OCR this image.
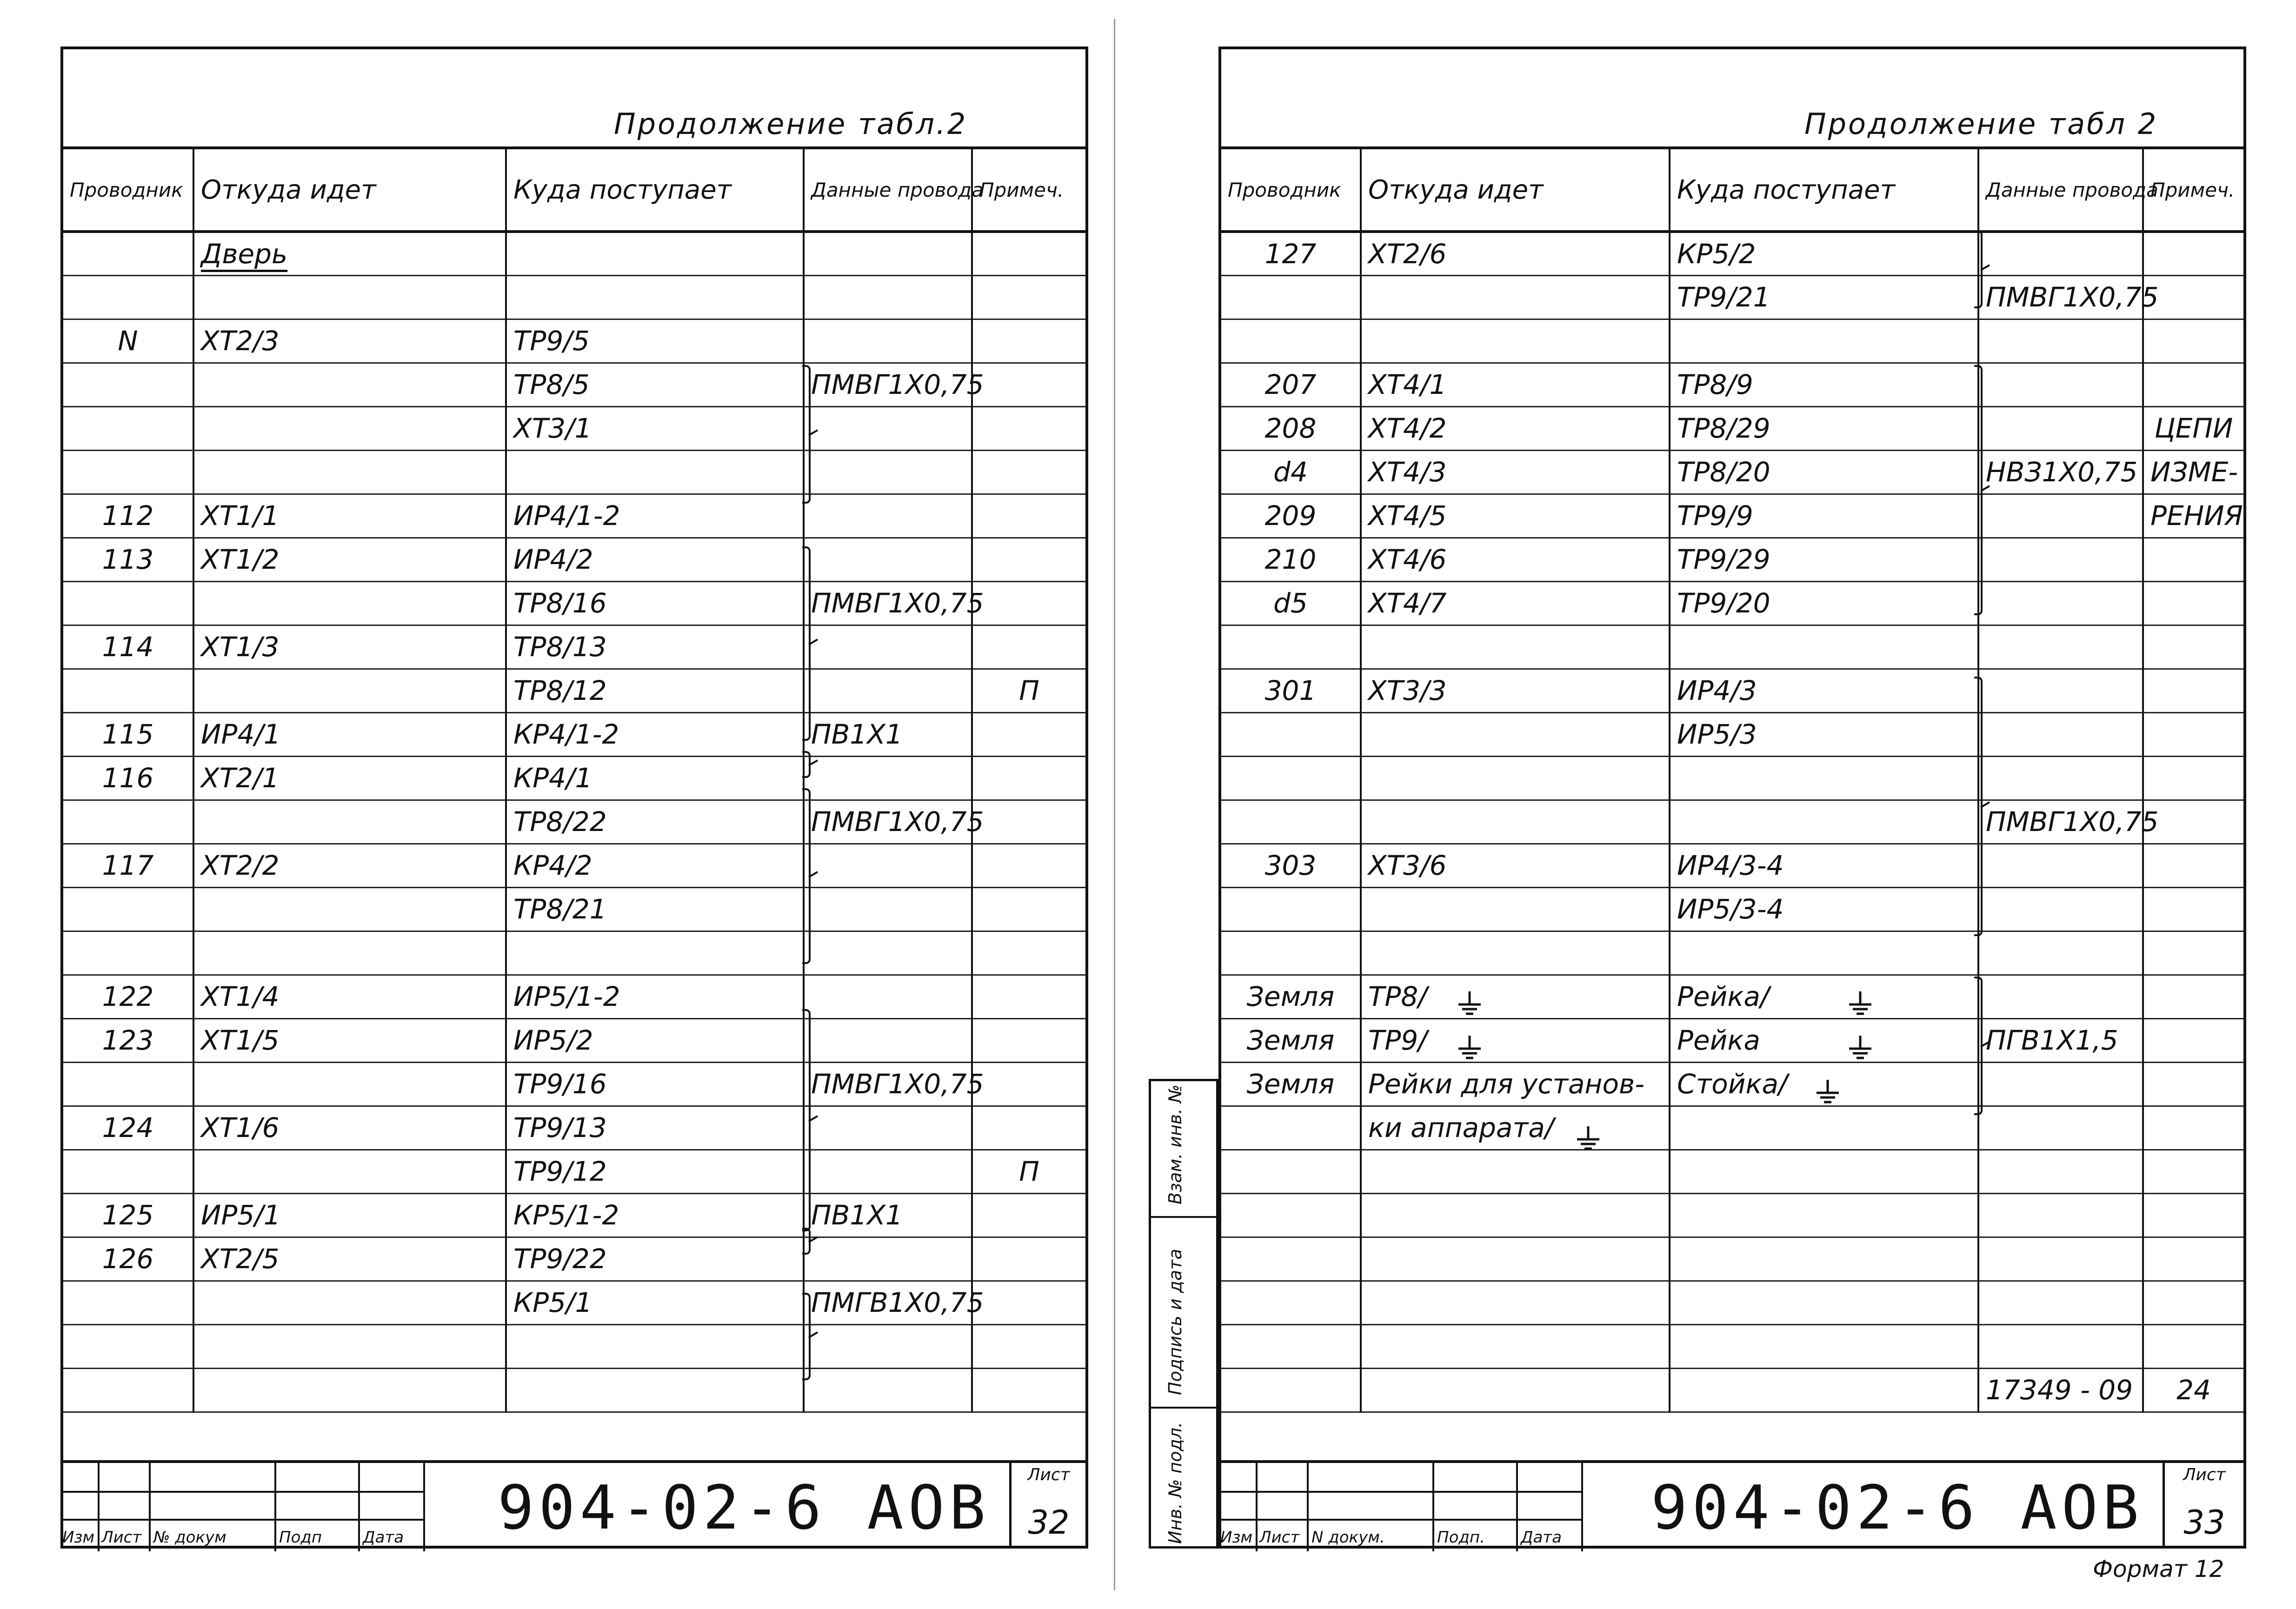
Продолжение табл.2
Проводник	Откуда идет	Куда поступает	Данные провода	Примеч.
	Дверь			

N	ХТ2/3	ТР9/5		
		ТР8/5	ПМВГ1Х0,75	
		ХТ3/1		

112	ХТ1/1	ИР4/1-2		
113	ХТ1/2	ИР4/2		
		ТР8/16	ПМВГ1Х0,75	
114	ХТ1/3	ТР8/13		
		ТР8/12		П
115	ИР4/1	КР4/1-2	ПВ1Х1	
116	ХТ2/1	КР4/1		
		ТР8/22	ПМВГ1Х0,75	
117	ХТ2/2	КР4/2		
		ТР8/21		

122	ХТ1/4	ИР5/1-2		
123	ХТ1/5	ИР5/2		
		ТР9/16	ПМВГ1Х0,75	
124	ХТ1/6	ТР9/13		
		ТР9/12		П
125	ИР5/1	КР5/1-2	ПВ1Х1	
126	ХТ2/5	ТР9/22		
		КР5/1	ПМГВ1Х0,75	

Изм Лист № докум	Подп	Дата 904-02-6 АОВ	Лист
32
Продолжение табл 2
Проводник	Откуда идет	Куда поступает	Данные провода	Примеч.
127	ХТ2/6	КР5/2		
		ТР9/21	ПМВГ1Х0,75	

207	ХТ4/1	ТР8/9		
208	ХТ4/2	ТР8/29		ЦЕПИ
d4	ХТ4/3	ТР8/20	НВЗ1Х0,75	ИЗМЕ-
209	ХТ4/5	ТР9/9		РЕНИЯ
210	ХТ4/6	ТР9/29		
d5	ХТ4/7	ТР9/20		

301	ХТ3/3	ИР4/3		
		ИР5/3		

			ПМВГ1Х0,75	
303	ХТ3/6	ИР4/3-4		
		ИР5/3-4		

Земля	ТР8/	Рейка/		
Земля	ТР9/	Рейка	ПГВ1Х1,5	
Земля	Рейки для установ-	Стойка/		
	ки аппарата/			

			17349 - 09	24
Взам. инв. №
Подпись и дата
Инв. № подл. Изм Лист N докум.	Подп. Дата 904-02-6 АОВ	Лист
33
Формат 12
